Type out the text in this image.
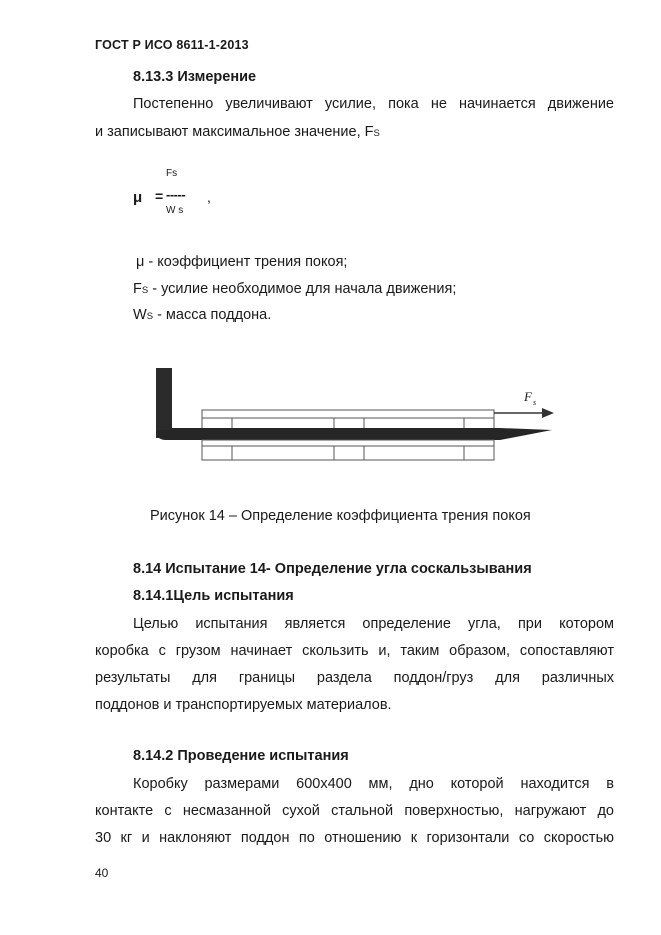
ГОСТ Р ИСО 8611-1-2013
8.13.3 Измерение
Постепенно увеличивают усилие, пока не начинается движение
и записывают максимальное значение, FS
Fs
μ = -----
W s
,
μ - коэффициент трения покоя;
FS - усилие необходимое для начала движения;
WS - масса поддона.
F s
Рисунок 14 – Определение коэффициента трения покоя
8.14 Испытание 14- Определение угла соскальзывания
8.14.1Цель испытания
Целью испытания является определение угла, при котором
коробка с грузом начинает скользить и, таким образом, сопоставляют
результаты для границы раздела поддон/груз для различных
поддонов и транспортируемых материалов.
8.14.2 Проведение испытания
Коробку размерами 600х400 мм, дно которой находится в
контакте с несмазанной сухой стальной поверхностью, нагружают до
30 кг и наклоняют поддон по отношению к горизонтали со скоростью
40
